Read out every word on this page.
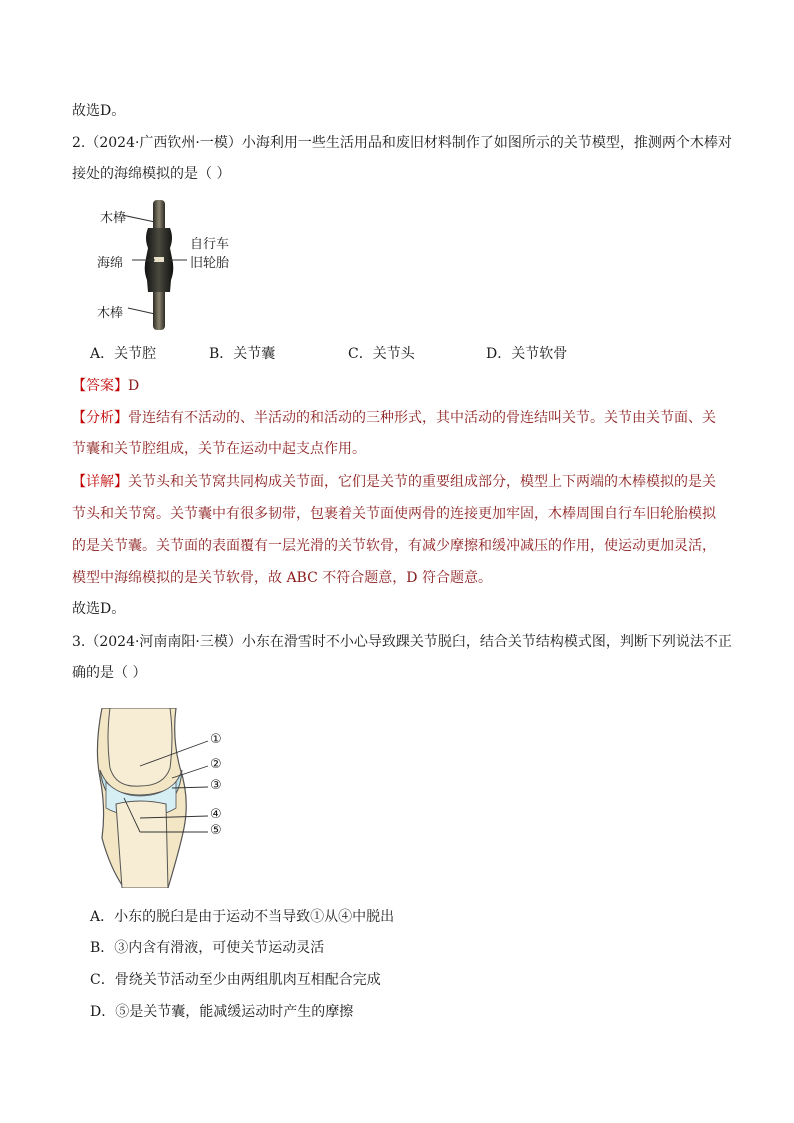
故选D。
2.（2024·广西钦州·一模）小海利用一些生活用品和废旧材料制作了如图所示的关节模型，推测两个木棒对
接处的海绵模拟的是（ ）
木棒
海绵
自行车
旧轮胎
木棒
A．关节腔	B．关节囊	C．关节头	D．关节软骨
【答案】D
【分析】骨连结有不活动的、半活动的和活动的三种形式，其中活动的骨连结叫关节。关节由关节面、关
节囊和关节腔组成，关节在运动中起支点作用。
【详解】关节头和关节窝共同构成关节面，它们是关节的重要组成部分，模型上下两端的木棒模拟的是关
节头和关节窝。关节囊中有很多韧带，包裹着关节面使两骨的连接更加牢固，木棒周围自行车旧轮胎模拟
的是关节囊。关节面的表面覆有一层光滑的关节软骨，有减少摩擦和缓冲减压的作用，使运动更加灵活，
模型中海绵模拟的是关节软骨，故 ABC 不符合题意，D 符合题意。
故选D。
3.（2024·河南南阳·三模）小东在滑雪时不小心导致踝关节脱臼，结合关节结构模式图，判断下列说法不正
确的是（ ）
①
②
③
④
⑤
A．小东的脱臼是由于运动不当导致①从④中脱出
B．③内含有滑液，可使关节运动灵活
C．骨绕关节活动至少由两组肌肉互相配合完成
D．⑤是关节囊，能减缓运动时产生的摩擦
